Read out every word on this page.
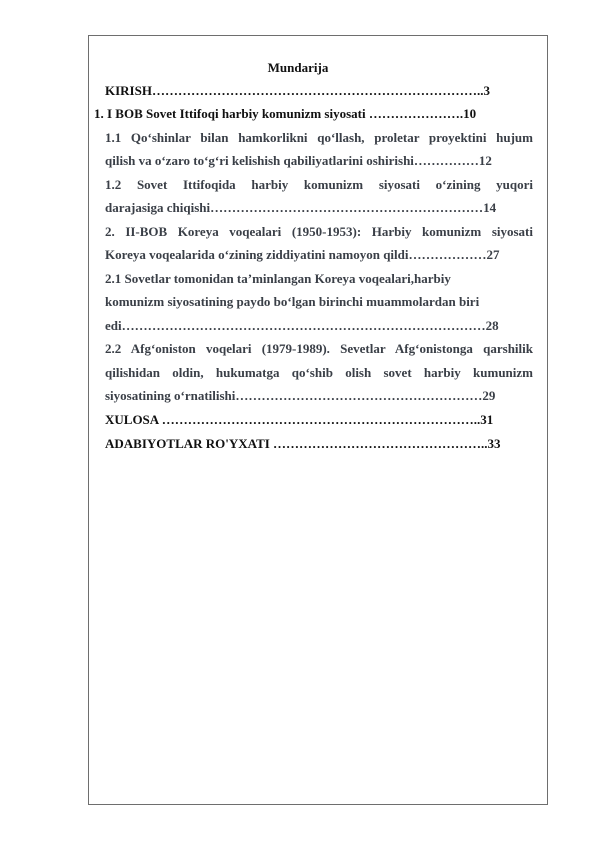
Mundarija
KIRISH…………………………………………………………………..3
1. I BOB Sovet Ittifoqi harbiy komunizm siyosati ………………….10
1.1 Qo‘shinlar bilan hamkorlikni qo‘llash, proletar proyektini hujum
qilish va o‘zaro to‘g‘ri kelishish qabiliyatlarini oshirishi……………12
1.2 Sovet Ittifoqida harbiy komunizm siyosati o‘zining yuqori
darajasiga chiqishi………………………………………………………14
2. II-BOB Koreya voqealari (1950-1953): Harbiy komunizm siyosati
Koreya voqealarida o‘zining ziddiyatini namoyon qildi………………27
2.1 Sovetlar tomonidan ta’minlangan Koreya voqealari,harbiy
komunizm siyosatining paydo bo‘lgan birinchi muammolardan biri
edi…………………………………………………………………………28
2.2 Afg‘oniston voqelari (1979-1989). Sevetlar Afg‘onistonga qarshilik
qilishidan oldin, hukumatga qo‘shib olish sovet harbiy kumunizm
siyosatining o‘rnatilishi…………………………………………………29
XULOSA ………………………………………………………………..31
ADABIYOTLAR RO'YXATI …………………………………………..33
